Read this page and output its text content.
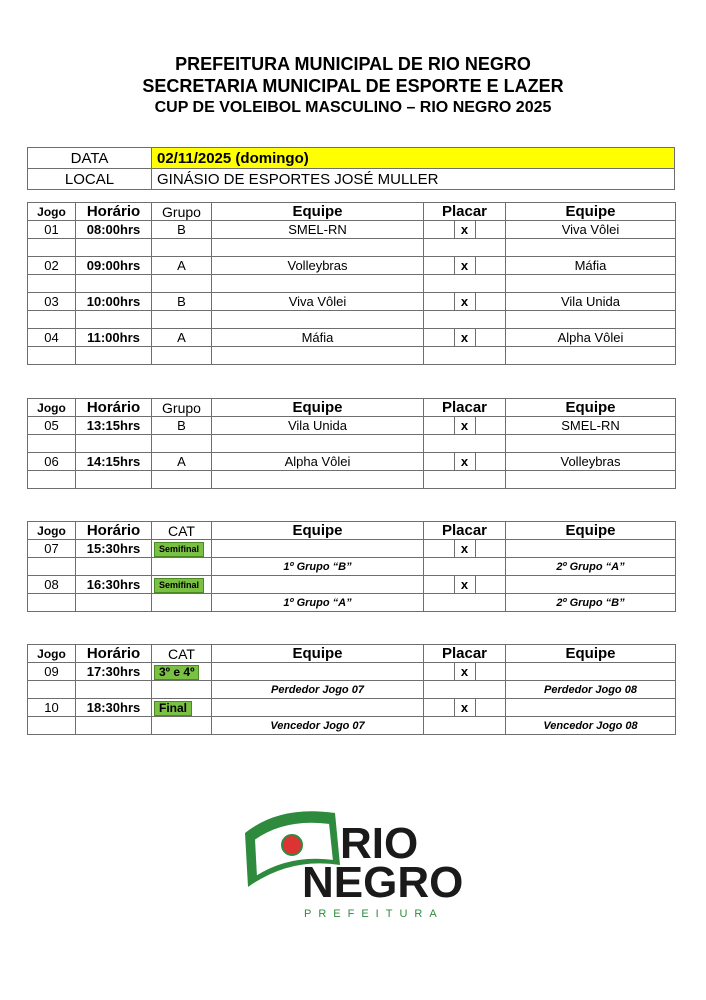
PREFEITURA MUNICIPAL DE RIO NEGRO
SECRETARIA MUNICIPAL DE ESPORTE E LAZER
CUP DE VOLEIBOL MASCULINO – RIO NEGRO 2025
DATA	02/11/2025 (domingo)
LOCAL	GINÁSIO DE ESPORTES JOSÉ MULLER
Jogo	Horário	Grupo	Equipe	Placar	Equipe
01	08:00hrs	B	SMEL-RN	x	Viva Vôlei

02	09:00hrs	A	Volleybras	x	Máfia

03	10:00hrs	B	Viva Vôlei	x	Vila Unida

04	11:00hrs	A	Máfia	x	Alpha Vôlei

Jogo	Horário	Grupo	Equipe	Placar	Equipe
05	13:15hrs	B	Vila Unida	x	SMEL-RN

06	14:15hrs	A	Alpha Vôlei	x	Volleybras

Jogo	Horário	CAT	Equipe	Placar	Equipe
07	15:30hrs	Semifinal		x	

			1º Grupo “B”		2º Grupo “A”
08	16:30hrs	Semifinal		x	

			1º Grupo “A”		2º Grupo “B”
Jogo	Horário	CAT	Equipe	Placar	Equipe
09	17:30hrs	3º e 4º		x	

			Perdedor Jogo 07		Perdedor Jogo 08
10	18:30hrs	Final		x	

			Vencedor Jogo 07		Vencedor Jogo 08
RIO
NEGRO
PREFEITURA
